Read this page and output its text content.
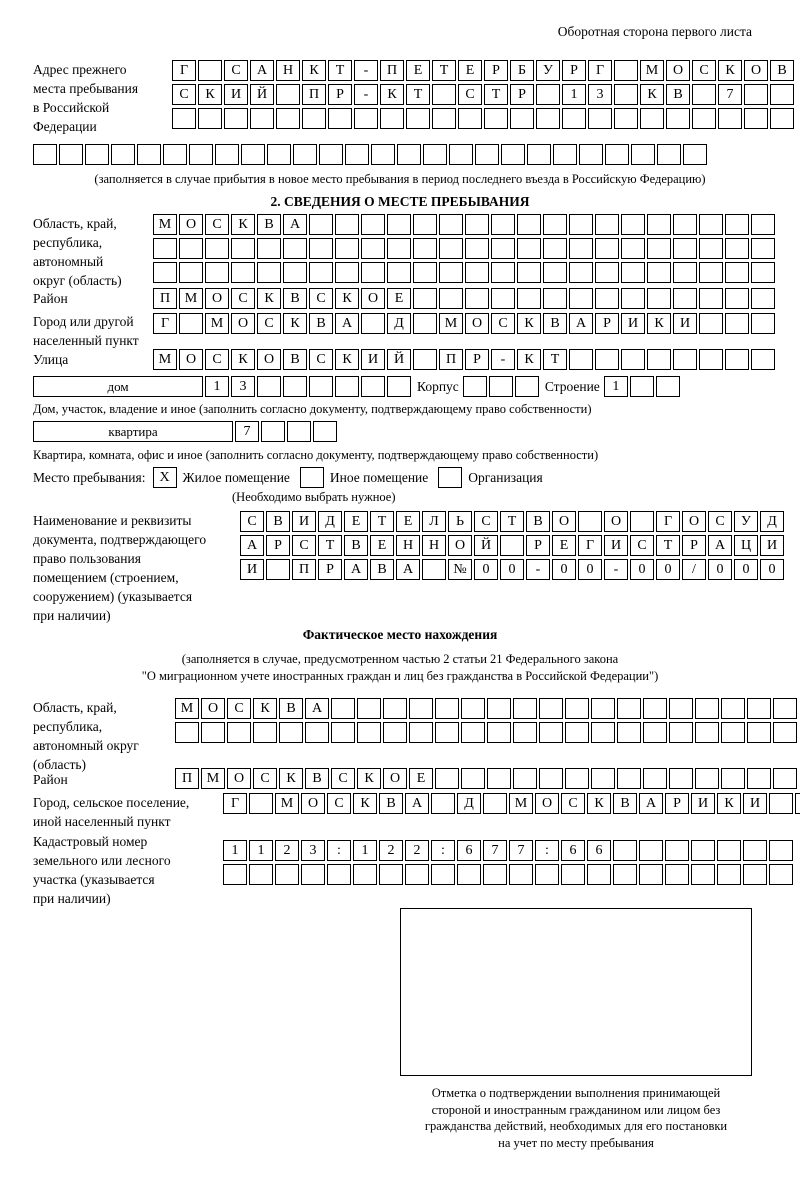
Оборотная сторона первого листа
Адрес прежнего
места пребывания
в Российской
Федерации
Г	С	А	Н	К	Т	-	П	Е	Т	Е	Р	Б	У	Р	Г	М	О	С	К	О	В
С	К	И	Й	П	Р	-	К	Т	С	Т	Р	1	3	К	В	7
(заполняется в случае прибытия в новое место пребывания в период последнего въезда в Российскую Федерацию)
2. СВЕДЕНИЯ О МЕСТЕ ПРЕБЫВАНИЯ
Область, край,
республика,
автономный
округ (область)
М	О	С	К	В	А
Район	П	М	О	С	К	В	С	К	О	Е
Город или другой
населенный пункт
Г	М	О	С	К	В	А	Д	М	О	С	К	В	А	Р	И	К	И
Улица	М	О	С	К	О	В	С	К	И	Й	П	Р	-	К	Т
дом	1	3	Корпус	Строение 1
Дом, участок, владение и иное (заполнить согласно документу, подтверждающему право собственности)
квартира	7
Квартира, комната, офис и иное (заполнить согласно документу, подтверждающему право собственности)
Место пребывания: X Жилое помещение	Иное помещение	Организация
(Необходимо выбрать нужное)
Наименование и реквизиты
документа, подтверждающего
право пользования
помещением (строением,
сооружением) (указывается
при наличии)
С	В	И	Д	Е	Т	Е	Л	Ь	С	Т	В	О	О	Г	О	С	У	Д
А	Р	С	Т	В	Е	Н	Н	О	Й	Р	Е	Г	И	С	Т	Р	А	Ц	И
И	П	Р	А	В	А	№	0	0	-	0	0	-	0	0	/	0	0	0
Фактическое место нахождения
(заполняется в случае, предусмотренном частью 2 статьи 21 Федерального закона
"О миграционном учете иностранных граждан и лиц без гражданства в Российской Федерации")
Область, край,
республика,
автономный округ
(область)
М	О	С	К	В	А
Район	П	М	О	С	К	В	С	К	О	Е
Город, сельское поселение,
иной населенный пункт
Г	М	О	С	К	В	А	Д	М	О	С	К	В	А	Р	И	К	И
Кадастровый номер
земельного или лесного
участка (указывается
при наличии)
1	1	2	3	:	1	2	2	:	6	7	7	:	6	6
Отметка о подтверждении выполнения принимающей
стороной и иностранным гражданином или лицом без
гражданства действий, необходимых для его постановки
на учет по месту пребывания
